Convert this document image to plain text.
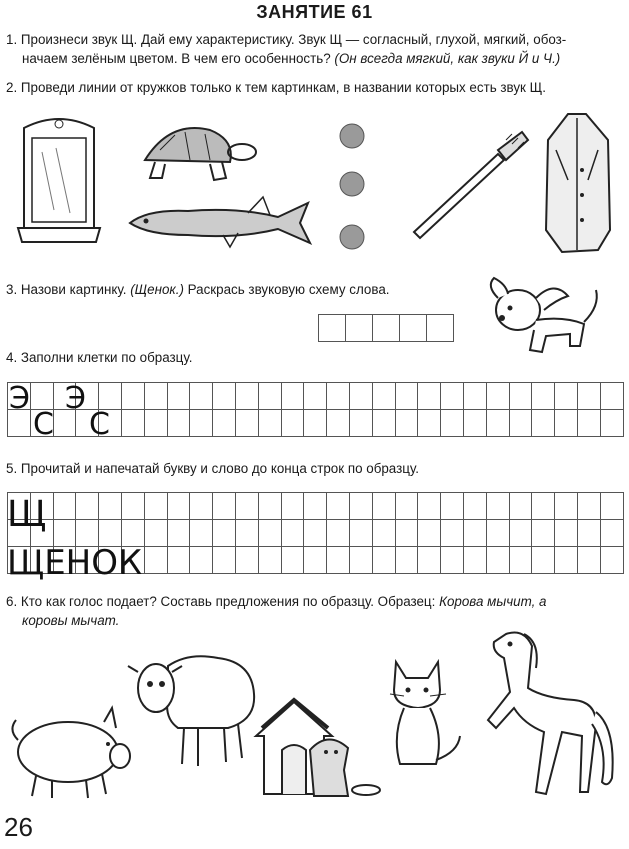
ЗАНЯТИЕ 61
1. Произнеси звук Щ. Дай ему характеристику. Звук Щ — согласный, глухой, мягкий, обоз-
начаем зелёным цветом. В чем его особенность? (Он всегда мягкий, как звуки Й и Ч.)
2. Проведи линии от кружков только к тем картинкам, в названии которых есть звук Щ.
3. Назови картинку. (Щенок.) Раскрась звуковую схему слова.

4. Заполни клетки по образцу.

Э
С
Э
С
5. Прочитай и напечатай букву и слово до конца строк по образцу.

Щ
ЩЕНОК
6. Кто как голос подает? Составь предложения по образцу. Образец: Корова мычит, а
коровы мычат.
26
